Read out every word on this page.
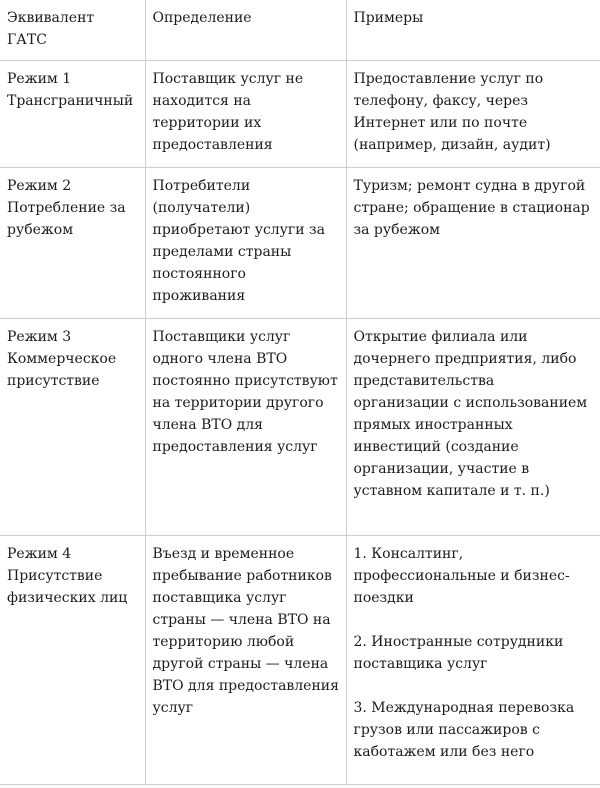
Эквивалент ГАТС	Определение	Примеры

Режим 1
Трансграничный	Поставщик услуг не находится на территории их предоставления	Предоставление услуг по телефону, факсу, через Интернет или по почте (например, дизайн, аудит)

Режим 2
Потребление за рубежом	Потребители (получатели) приобретают услуги за пределами страны постоянного проживания	Туризм; ремонт судна в другой стране; обращение в стационар за рубежом

Режим 3
Коммерческое присутствие	Поставщики услуг одного члена ВТО постоянно присутствуют на территории другого члена ВТО для предоставления услуг	Открытие филиала или дочернего предприятия, либо представительства организации с использованием прямых иностранных инвестиций (создание организации, участие в уставном капитале и т. п.)

Режим 4
Присутствие физических лиц	Въезд и временное пребывание работников поставщика услуг страны — члена ВТО на территорию любой другой страны — члена ВТО для предоставления услуг	1. Консалтинг, профессиональные и бизнес-поездки
2. Иностранные сотрудники поставщика услуг
3. Международная перевозка грузов или пассажиров с каботажем или без него
